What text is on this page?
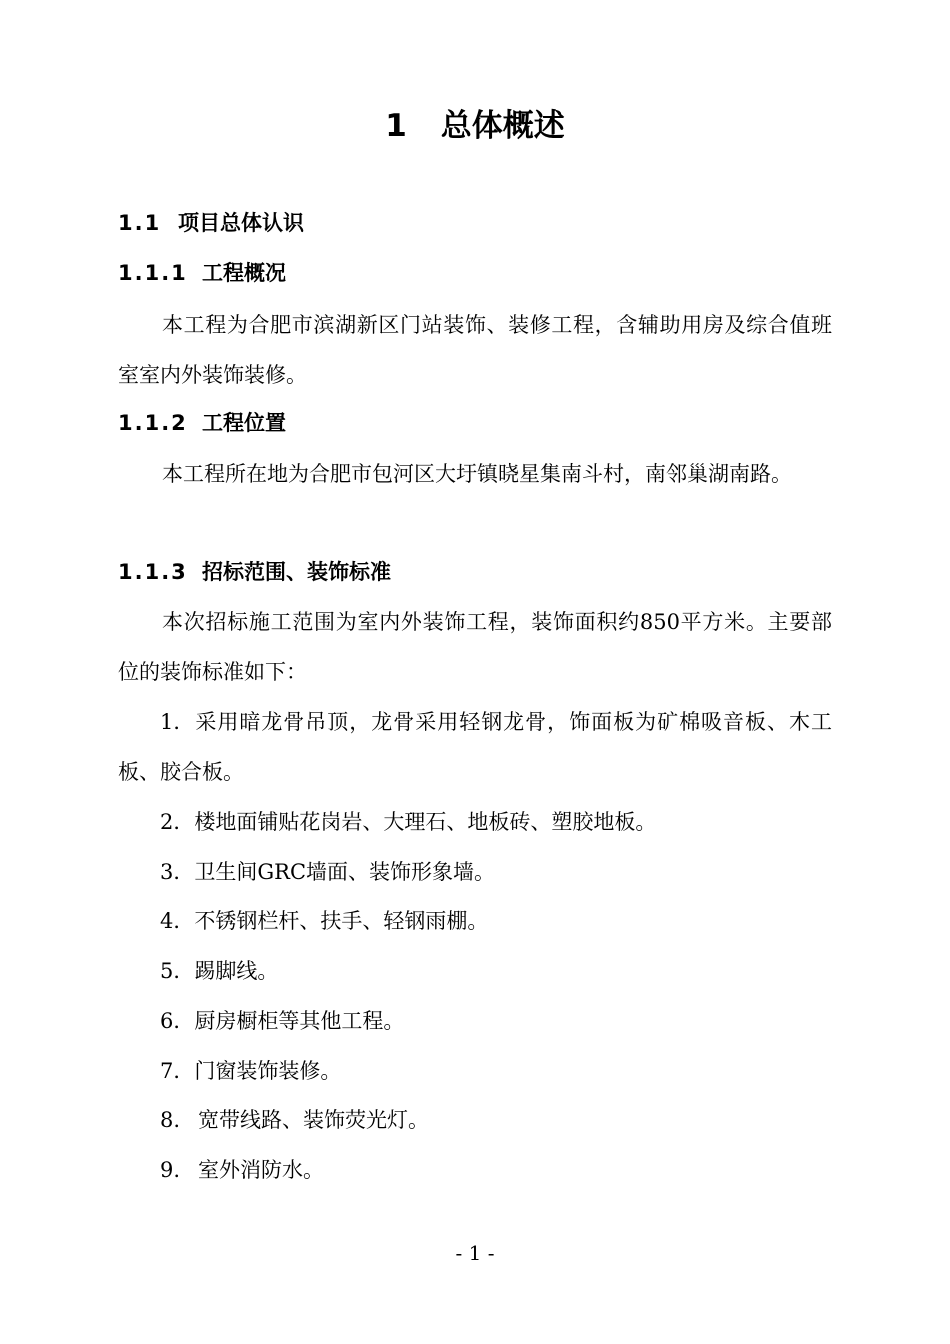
1 总体概述
1.1 项目总体认识
1.1.1 工程概况

本工程为合肥市滨湖新区门站装饰、装修工程，含辅助用房及综合值班室室内外装饰装修。

1.1.2 工程位置

本工程所在地为合肥市包河区大圩镇晓星集南斗村，南邻巢湖南路。

1.1.3 招标范围、装饰标准

本次招标施工范围为室内外装饰工程，装饰面积约850平方米。主要部位的装饰标准如下：

1．采用暗龙骨吊顶，龙骨采用轻钢龙骨，饰面板为矿棉吸音板、木工板、胶合板。

2．楼地面铺贴花岗岩、大理石、地板砖、塑胶地板。

3．卫生间GRC墙面、装饰形象墙。

4．不锈钢栏杆、扶手、轻钢雨棚。

5．踢脚线。

6．厨房橱柜等其他工程。

7．门窗装饰装修。

8. 宽带线路、装饰荧光灯。

9. 室外消防水。

- 1 -
